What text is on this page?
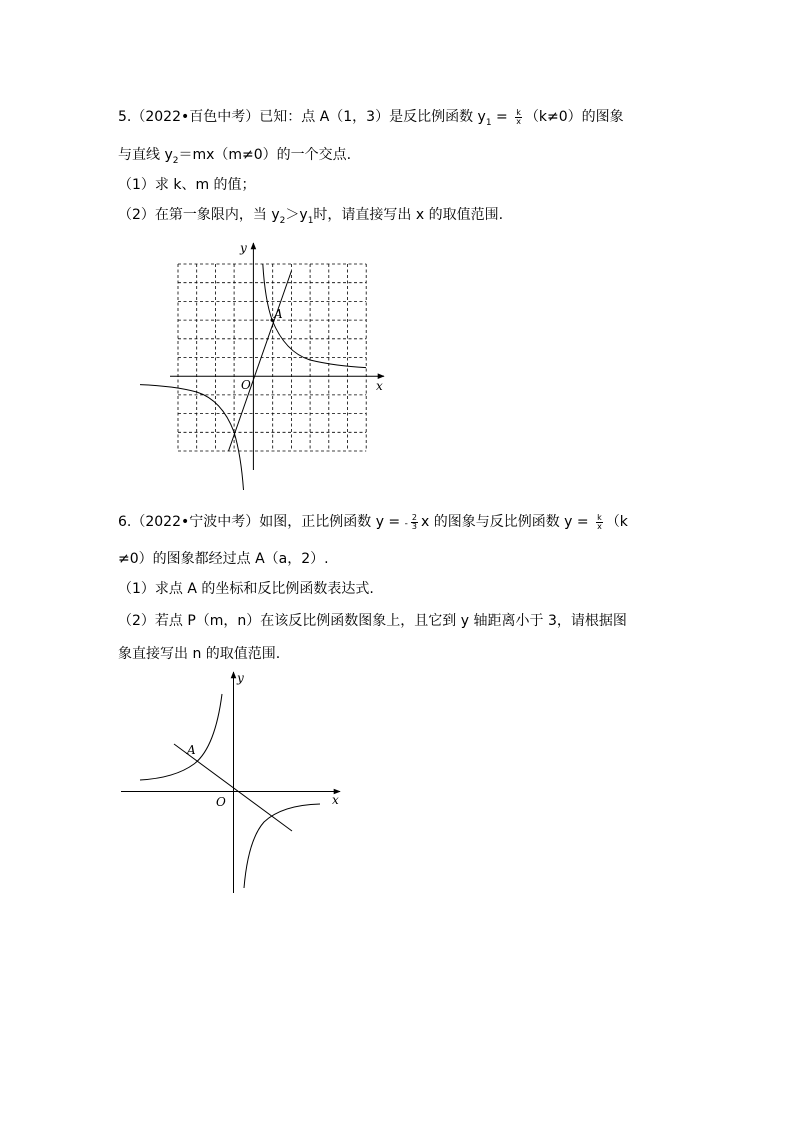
5.（2022•百色中考）已知：点 A（1，3）是反比例函数 $y_1 = \frac{k}{x} (k\ne 0)$的图象
与直线 $y_2=mx(m\ne 0)$的一个交点.
（1）求 k、m 的值；
（2）在第一象限内，当 $y_2>y_1$时，请直接写出 x 的取值范围.
6.（2022•宁波中考）如图，正比例函数 y = - $\frac{2}{3}$ x 的图象与反比例函数 $y = \frac{k}{x} (k$
≠0）的图象都经过点 A（a，2）.
（1）求点 A 的坐标和反比例函数表达式.
（2）若点 P（m，n）在该反比例函数图象上，且它到 y 轴距离小于 3，请根据图
象直接写出 n 的取值范围.
A
y
x
O
A
y
x
O
